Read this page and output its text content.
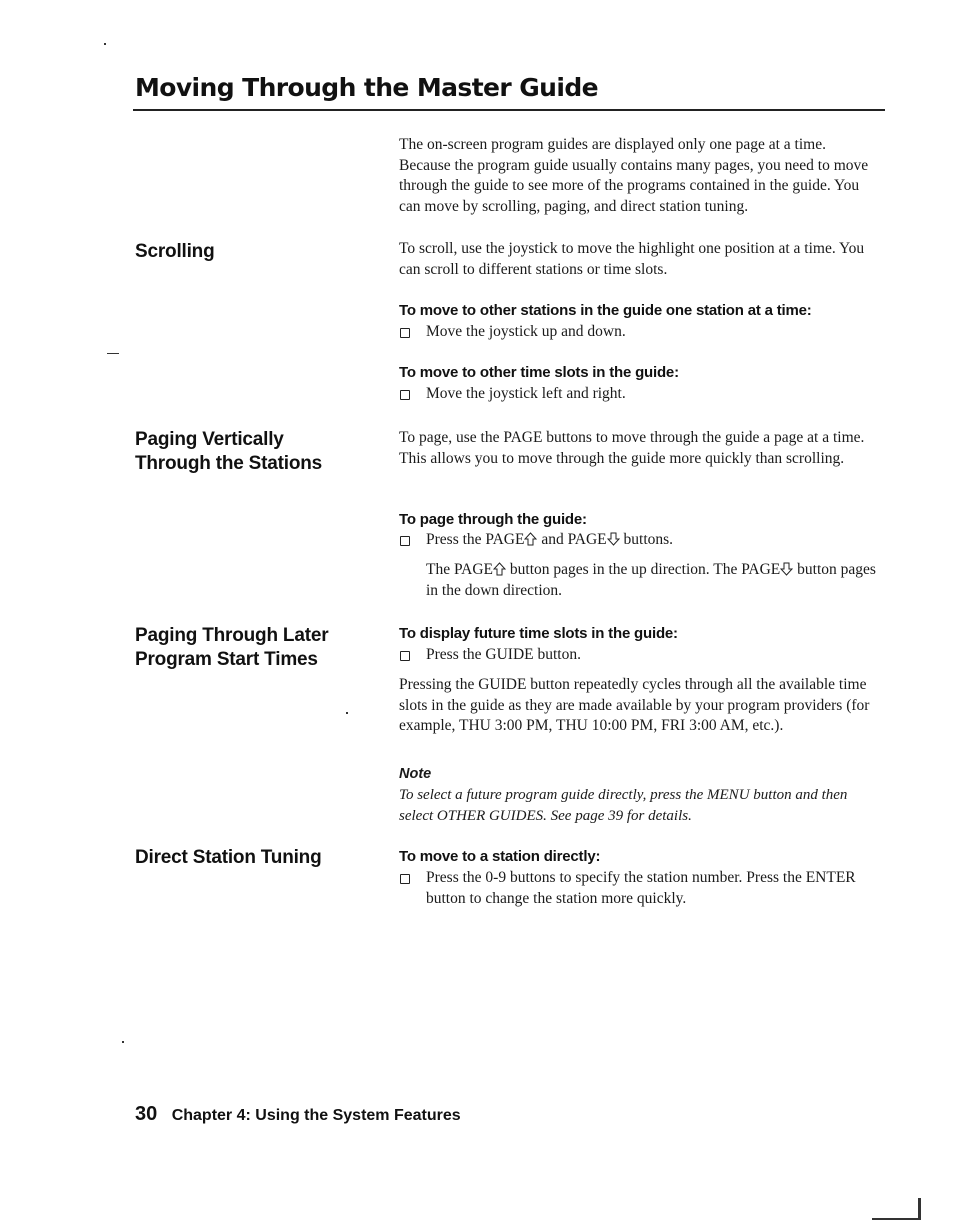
Moving Through the Master Guide

The on-screen program guides are displayed only one page at a time. Because the program guide usually contains many pages, you need to move through the guide to see more of the programs contained in the guide. You can move by scrolling, paging, and direct station tuning.

Scrolling	To scroll, use the joystick to move the highlight one position at a time. You can scroll to different stations or time slots.

To move to other stations in the guide one station at a time:
Move the joystick up and down.
To move to other time slots in the guide:
Move the joystick left and right.
Paging Vertically
Through the Stations

To page, use the PAGE buttons to move through the guide a page at a time. This allows you to move through the guide more quickly than scrolling.

To page through the guide:
Press the PAGE and PAGE buttons.

The PAGE button pages in the up direction. The PAGE button pages in the down direction.

Paging Through Later
Program Start Times
To display future time slots in the guide:
Press the GUIDE button.

Pressing the GUIDE button repeatedly cycles through all the available time slots in the guide as they are made available by your program providers (for example, THU 3:00 PM, THU 10:00 PM, FRI 3:00 AM, etc.).

Note

To select a future program guide directly, press the MENU button and then select OTHER GUIDES. See page 39 for details.

Direct Station Tuning	To move to a station directly:
Press the 0-9 buttons to specify the station number. Press the ENTER button to change the station more quickly.
30 Chapter 4: Using the System Features
